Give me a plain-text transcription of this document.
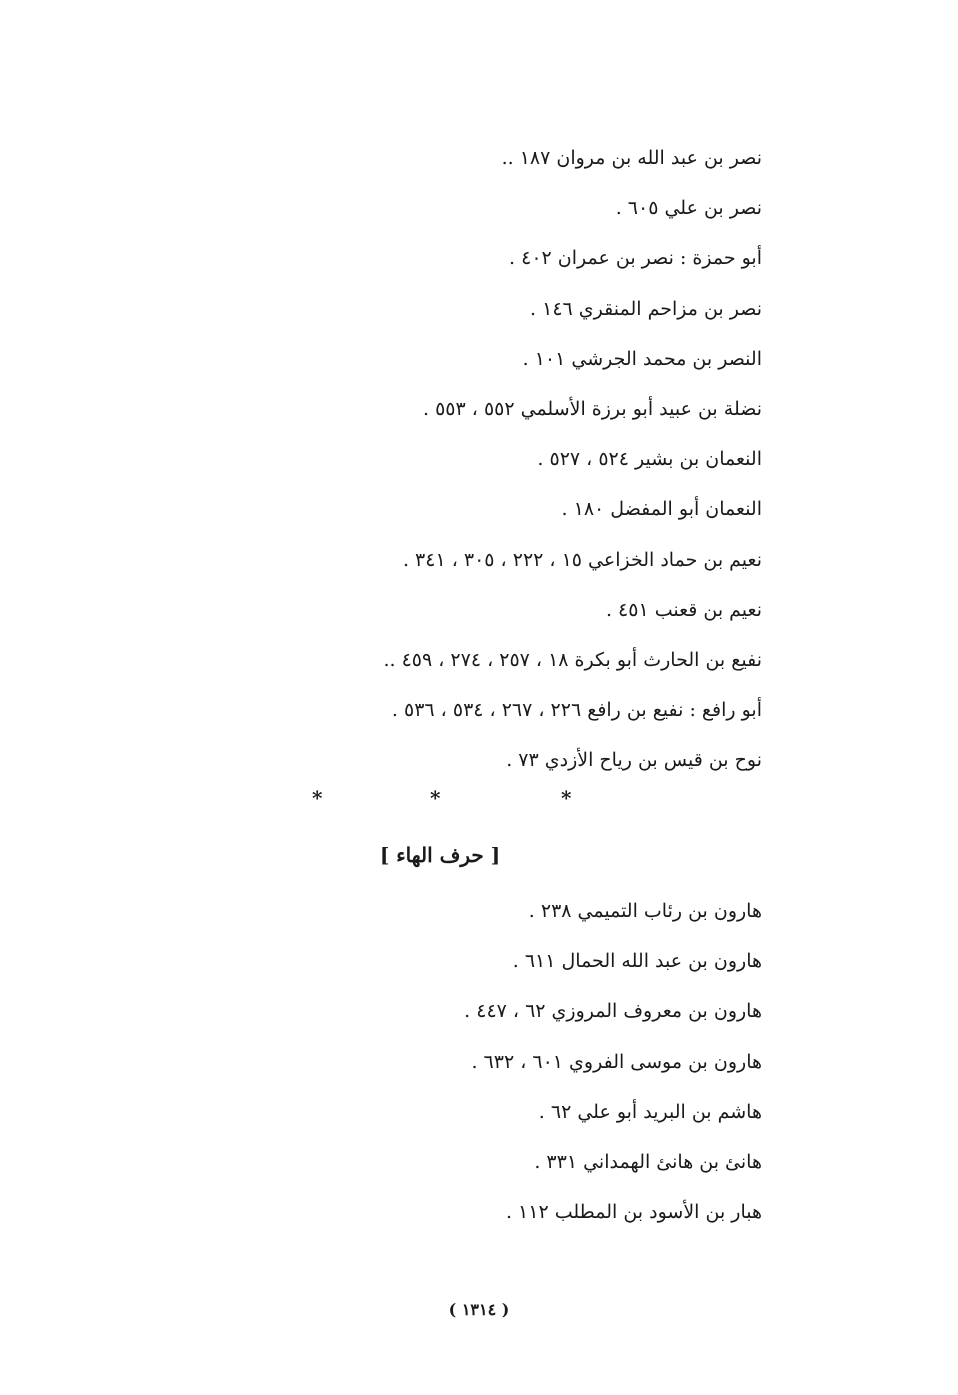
نصر بن عبد الله بن مروان ١٨٧ ..
نصر بن علي ٦٠٥ .
أبو حمزة : نصر بن عمران ٤٠٢ .
نصر بن مزاحم المنقري ١٤٦ .
النصر بن محمد الجرشي ١٠١ .
نضلة بن عبيد أبو برزة الأسلمي ٥٥٢ ، ٥٥٣ .
النعمان بن بشير ٥٢٤ ، ٥٢٧ .
النعمان أبو المفضل ١٨٠ .
نعيم بن حماد الخزاعي ١٥ ، ٢٢٢ ، ٣٠٥ ، ٣٤١ .
نعيم بن قعنب ٤٥١ .
نفيع بن الحارث أبو بكرة ١٨ ، ٢٥٧ ، ٢٧٤ ، ٤٥٩ ..
أبو رافع : نفيع بن رافع ٢٢٦ ، ٢٦٧ ، ٥٣٤ ، ٥٣٦ .
نوح بن قيس بن رياح الأزدي ٧٣ .
*	*	*
[ حرف الهاء ]
هارون بن رئاب التميمي ٢٣٨ .
هارون بن عبد الله الحمال ٦١١ .
هارون بن معروف المروزي ٦٢ ، ٤٤٧ .
هارون بن موسى الفروي ٦٠١ ، ٦٣٢ .
هاشم بن البريد أبو علي ٦٢ .
هانئ بن هانئ الهمداني ٣٣١ .
هبار بن الأسود بن المطلب ١١٢ .
( ١٣١٤ )
